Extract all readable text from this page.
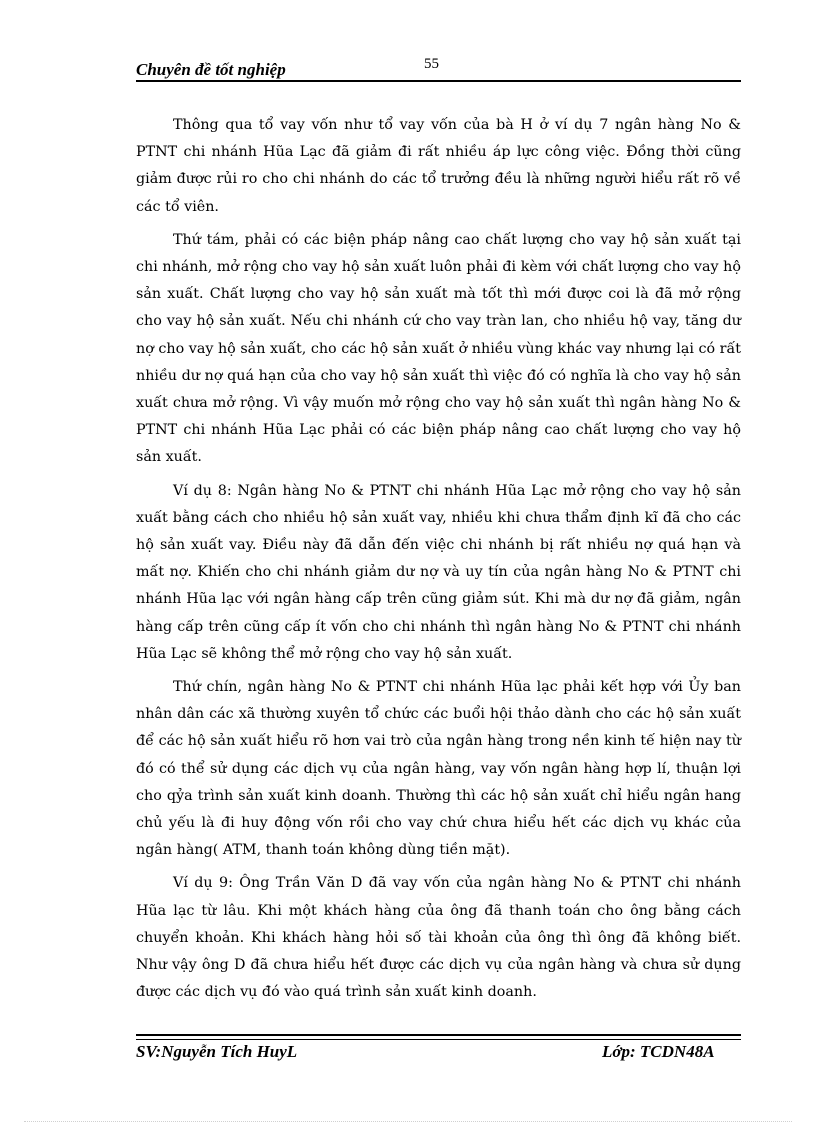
55
Chuyên đề tốt nghiệp

Thông qua tổ vay vốn như tổ vay vốn của bà H ở ví dụ 7 ngân hàng No & PTNT chi nhánh Hũa Lạc đã giảm đi rất nhiều áp lực công việc. Đồng thời cũng giảm được rủi ro cho chi nhánh do các tổ trưởng đều là những người hiểu rất rõ về các tổ viên.

Thứ tám, phải có các biện pháp nâng cao chất lượng cho vay hộ sản xuất tại chi nhánh, mở rộng cho vay hộ sản xuất luôn phải đi kèm với chất lượng cho vay hộ sản xuất. Chất lượng cho vay hộ sản xuất mà tốt thì mới được coi là đã mở rộng cho vay hộ sản xuất. Nếu chi nhánh cứ cho vay tràn lan, cho nhiều hộ vay, tăng dư nợ cho vay hộ sản xuất, cho các hộ sản xuất ở nhiều vùng khác vay nhưng lại có rất nhiều dư nợ quá hạn của cho vay hộ sản xuất thì việc đó có nghĩa là cho vay hộ sản xuất chưa mở rộng. Vì vậy muốn mở rộng cho vay hộ sản xuất thì ngân hàng No & PTNT chi nhánh Hũa Lạc phải có các biện pháp nâng cao chất lượng cho vay hộ sản xuất.

Ví dụ 8: Ngân hàng No & PTNT chi nhánh Hũa Lạc mở rộng cho vay hộ sản xuất bằng cách cho nhiều hộ sản xuất vay, nhiều khi chưa thẩm định kĩ đã cho các hộ sản xuất vay. Điều này đã dẫn đến việc chi nhánh bị rất nhiều nợ quá hạn và mất nợ. Khiến cho chi nhánh giảm dư nợ và uy tín của ngân hàng No & PTNT chi nhánh Hũa lạc với ngân hàng cấp trên cũng giảm sút. Khi mà dư nợ đã giảm, ngân hàng cấp trên cũng cấp ít vốn cho chi nhánh thì ngân hàng No & PTNT chi nhánh Hũa Lạc sẽ không thể mở rộng cho vay hộ sản xuất.

Thứ chín, ngân hàng No & PTNT chi nhánh Hũa lạc phải kết hợp với Ủy ban nhân dân các xã thường xuyên tổ chức các buổi hội thảo dành cho các hộ sản xuất để các hộ sản xuất hiểu rõ hơn vai trò của ngân hàng trong nền kinh tế hiện nay từ đó có thể sử dụng các dịch vụ của ngân hàng, vay vốn ngân hàng hợp lí, thuận lợi cho qỷa trình sản xuất kinh doanh. Thường thì các hộ sản xuất chỉ hiểu ngân hang chủ yếu là đi huy động vốn rồi cho vay chứ chưa hiểu hết các dịch vụ khác của ngân hàng( ATM, thanh toán không dùng tiền mặt).

Ví dụ 9: Ông Trần Văn D đã vay vốn của ngân hàng No & PTNT chi nhánh Hũa lạc từ lâu. Khi một khách hàng của ông đã thanh toán cho ông bằng cách chuyển khoản. Khi khách hàng hỏi số tài khoản của ông thì ông đã không biết. Như vậy ông D đã chưa hiểu hết được các dịch vụ của ngân hàng và chưa sử dụng được các dịch vụ đó vào quá trình sản xuất kinh doanh.

SV:Nguyễn Tích HuyL	Lớp: TCDN48A
